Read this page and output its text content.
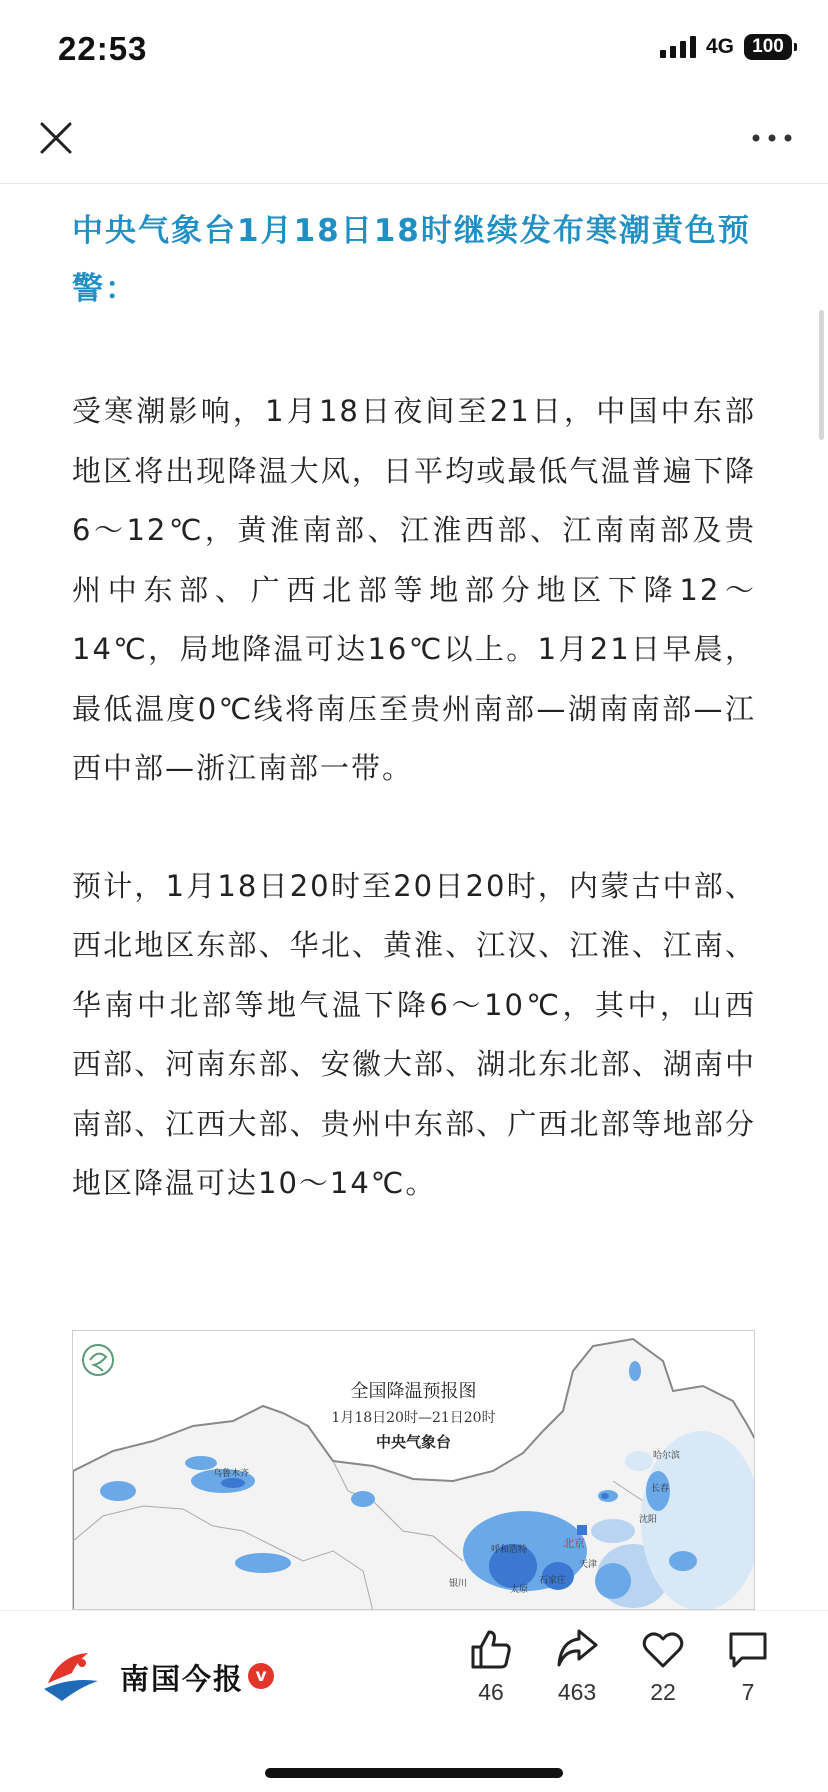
22:53	4G 100
中央气象台1月18日18时继续发布寒潮黄色预警：

受寒潮影响，1月18日夜间至21日，中国中东部地区将出现降温大风，日平均或最低气温普遍下降6～12℃，黄淮南部、江淮西部、江南南部及贵州中东部、广西北部等地部分地区下降12～14℃，局地降温可达16℃以上。1月21日早晨，最低温度0℃线将南压至贵州南部—湖南南部—江西中部—浙江南部一带。

预计，1月18日20时至20日20时，内蒙古中部、西北地区东部、华北、黄淮、江汉、江淮、江南、华南中北部等地气温下降6～10℃，其中，山西西部、河南东部、安徽大部、湖北东北部、湖南中南部、江西大部、贵州中东部、广西北部等地部分地区降温可达10～14℃。

全国降温预报图
1月18日20时—21日20时
中央气象台
乌鲁木齐
哈尔滨
长春
沈阳
呼和浩特	北京
天津
石家庄
银川
太原
南国今报 v
46	463	22	7
